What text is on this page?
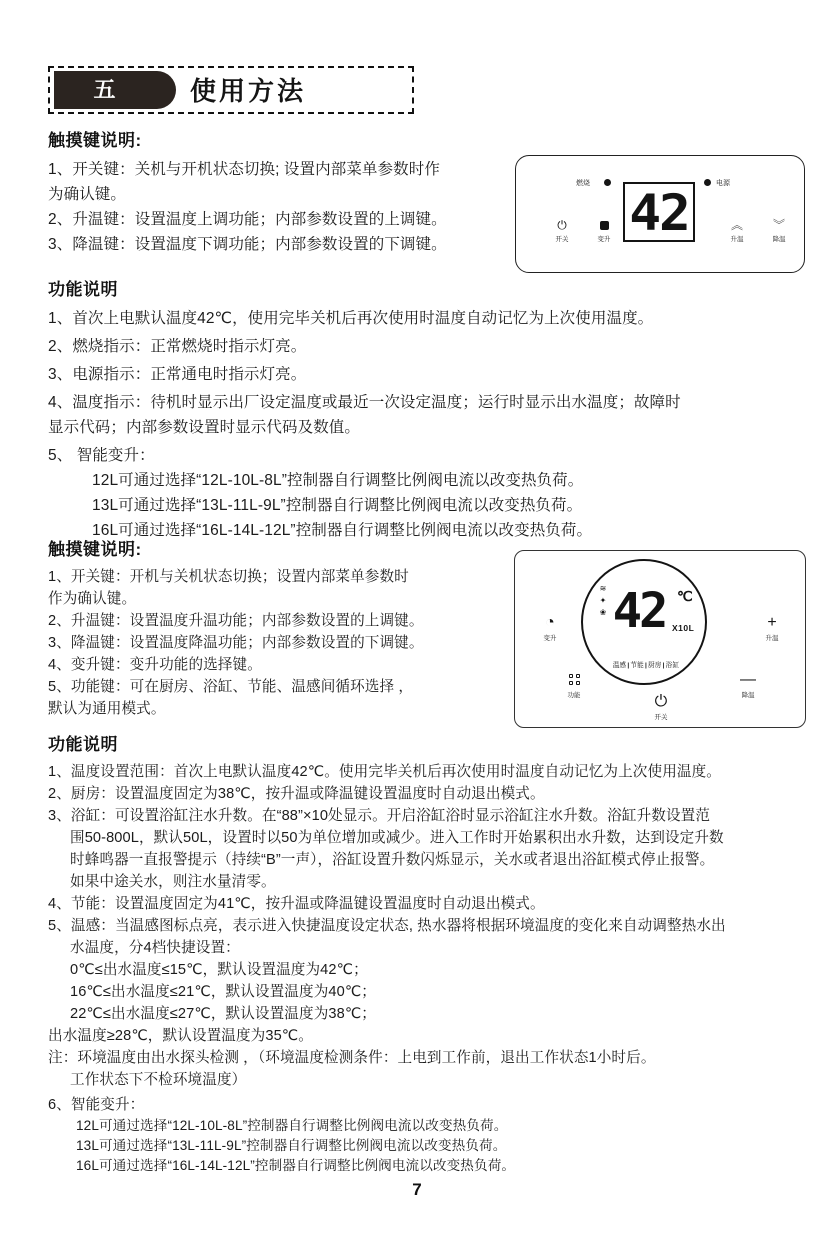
五	使用方法

触摸键说明:

1、开关键：关机与开机状态切换; 设置内部菜单参数时作

为确认键。

2、升温键：设置温度上调功能；内部参数设置的上调键。

3、降温键：设置温度下调功能；内部参数设置的下调键。

燃烧
42
电源
⏻
开关	变升
︽
升温
︾
降温

功能说明

1、首次上电默认温度42℃，使用完毕关机后再次使用时温度自动记忆为上次使用温度。

2、燃烧指示：正常燃烧时指示灯亮。

3、电源指示：正常通电时指示灯亮。

4、温度指示：待机时显示出厂设定温度或最近一次设定温度；运行时显示出水温度；故障时

显示代码；内部参数设置时显示代码及数值。

5、 智能变升：

12L可通过选择“12L-10L-8L”控制器自行调整比例阀电流以改变热负荷。

13L可通过选择“13L-11L-9L”控制器自行调整比例阀电流以改变热负荷。

16L可通过选择“16L-14L-12L”控制器自行调整比例阀电流以改变热负荷。

触摸键说明:

1、开关键：开机与关机状态切换；设置内部菜单参数时

作为确认键。

2、升温键：设置温度升温功能；内部参数设置的上调键。

3、降温键：设置温度降温功能；内部参数设置的下调键。

4、变升键：变升功能的选择键。

5、功能键：可在厨房、浴缸、节能、温感间循环选择 ，

默认为通用模式。

≋
✦
❀ 42 ℃
X10L
温感|节能|厨房|浴缸
◔
变升
+
升温
功能
—
降温
⏻
开关

功能说明

1、温度设置范围：首次上电默认温度42℃。使用完毕关机后再次使用时温度自动记忆为上次使用温度。

2、厨房：设置温度固定为38℃，按升温或降温键设置温度时自动退出模式。

3、浴缸：可设置浴缸注水升数。在“88”×10处显示。开启浴缸浴时显示浴缸注水升数。浴缸升数设置范

围50-800L，默认50L，设置时以50为单位增加或减少。进入工作时开始累积出水升数，达到设定升数

时蜂鸣器一直报警提示（持续“B”一声），浴缸设置升数闪烁显示，关水或者退出浴缸模式停止报警。

如果中途关水，则注水量清零。

4、节能：设置温度固定为41℃，按升温或降温键设置温度时自动退出模式。

5、温感：当温感图标点亮，表示进入快捷温度设定状态, 热水器将根据环境温度的变化来自动调整热水出

水温度，分4档快捷设置：

0℃≤出水温度≤15℃，默认设置温度为42℃；

16℃≤出水温度≤21℃，默认设置温度为40℃；

22℃≤出水温度≤27℃，默认设置温度为38℃；

出水温度≥28℃，默认设置温度为35℃。

注：环境温度由出水探头检测 ，（环境温度检测条件：上电到工作前，退出工作状态1小时后。

工作状态下不检环境温度）

6、智能变升：

12L可通过选择“12L-10L-8L”控制器自行调整比例阀电流以改变热负荷。

13L可通过选择“13L-11L-9L”控制器自行调整比例阀电流以改变热负荷。

16L可通过选择“16L-14L-12L”控制器自行调整比例阀电流以改变热负荷。

7
